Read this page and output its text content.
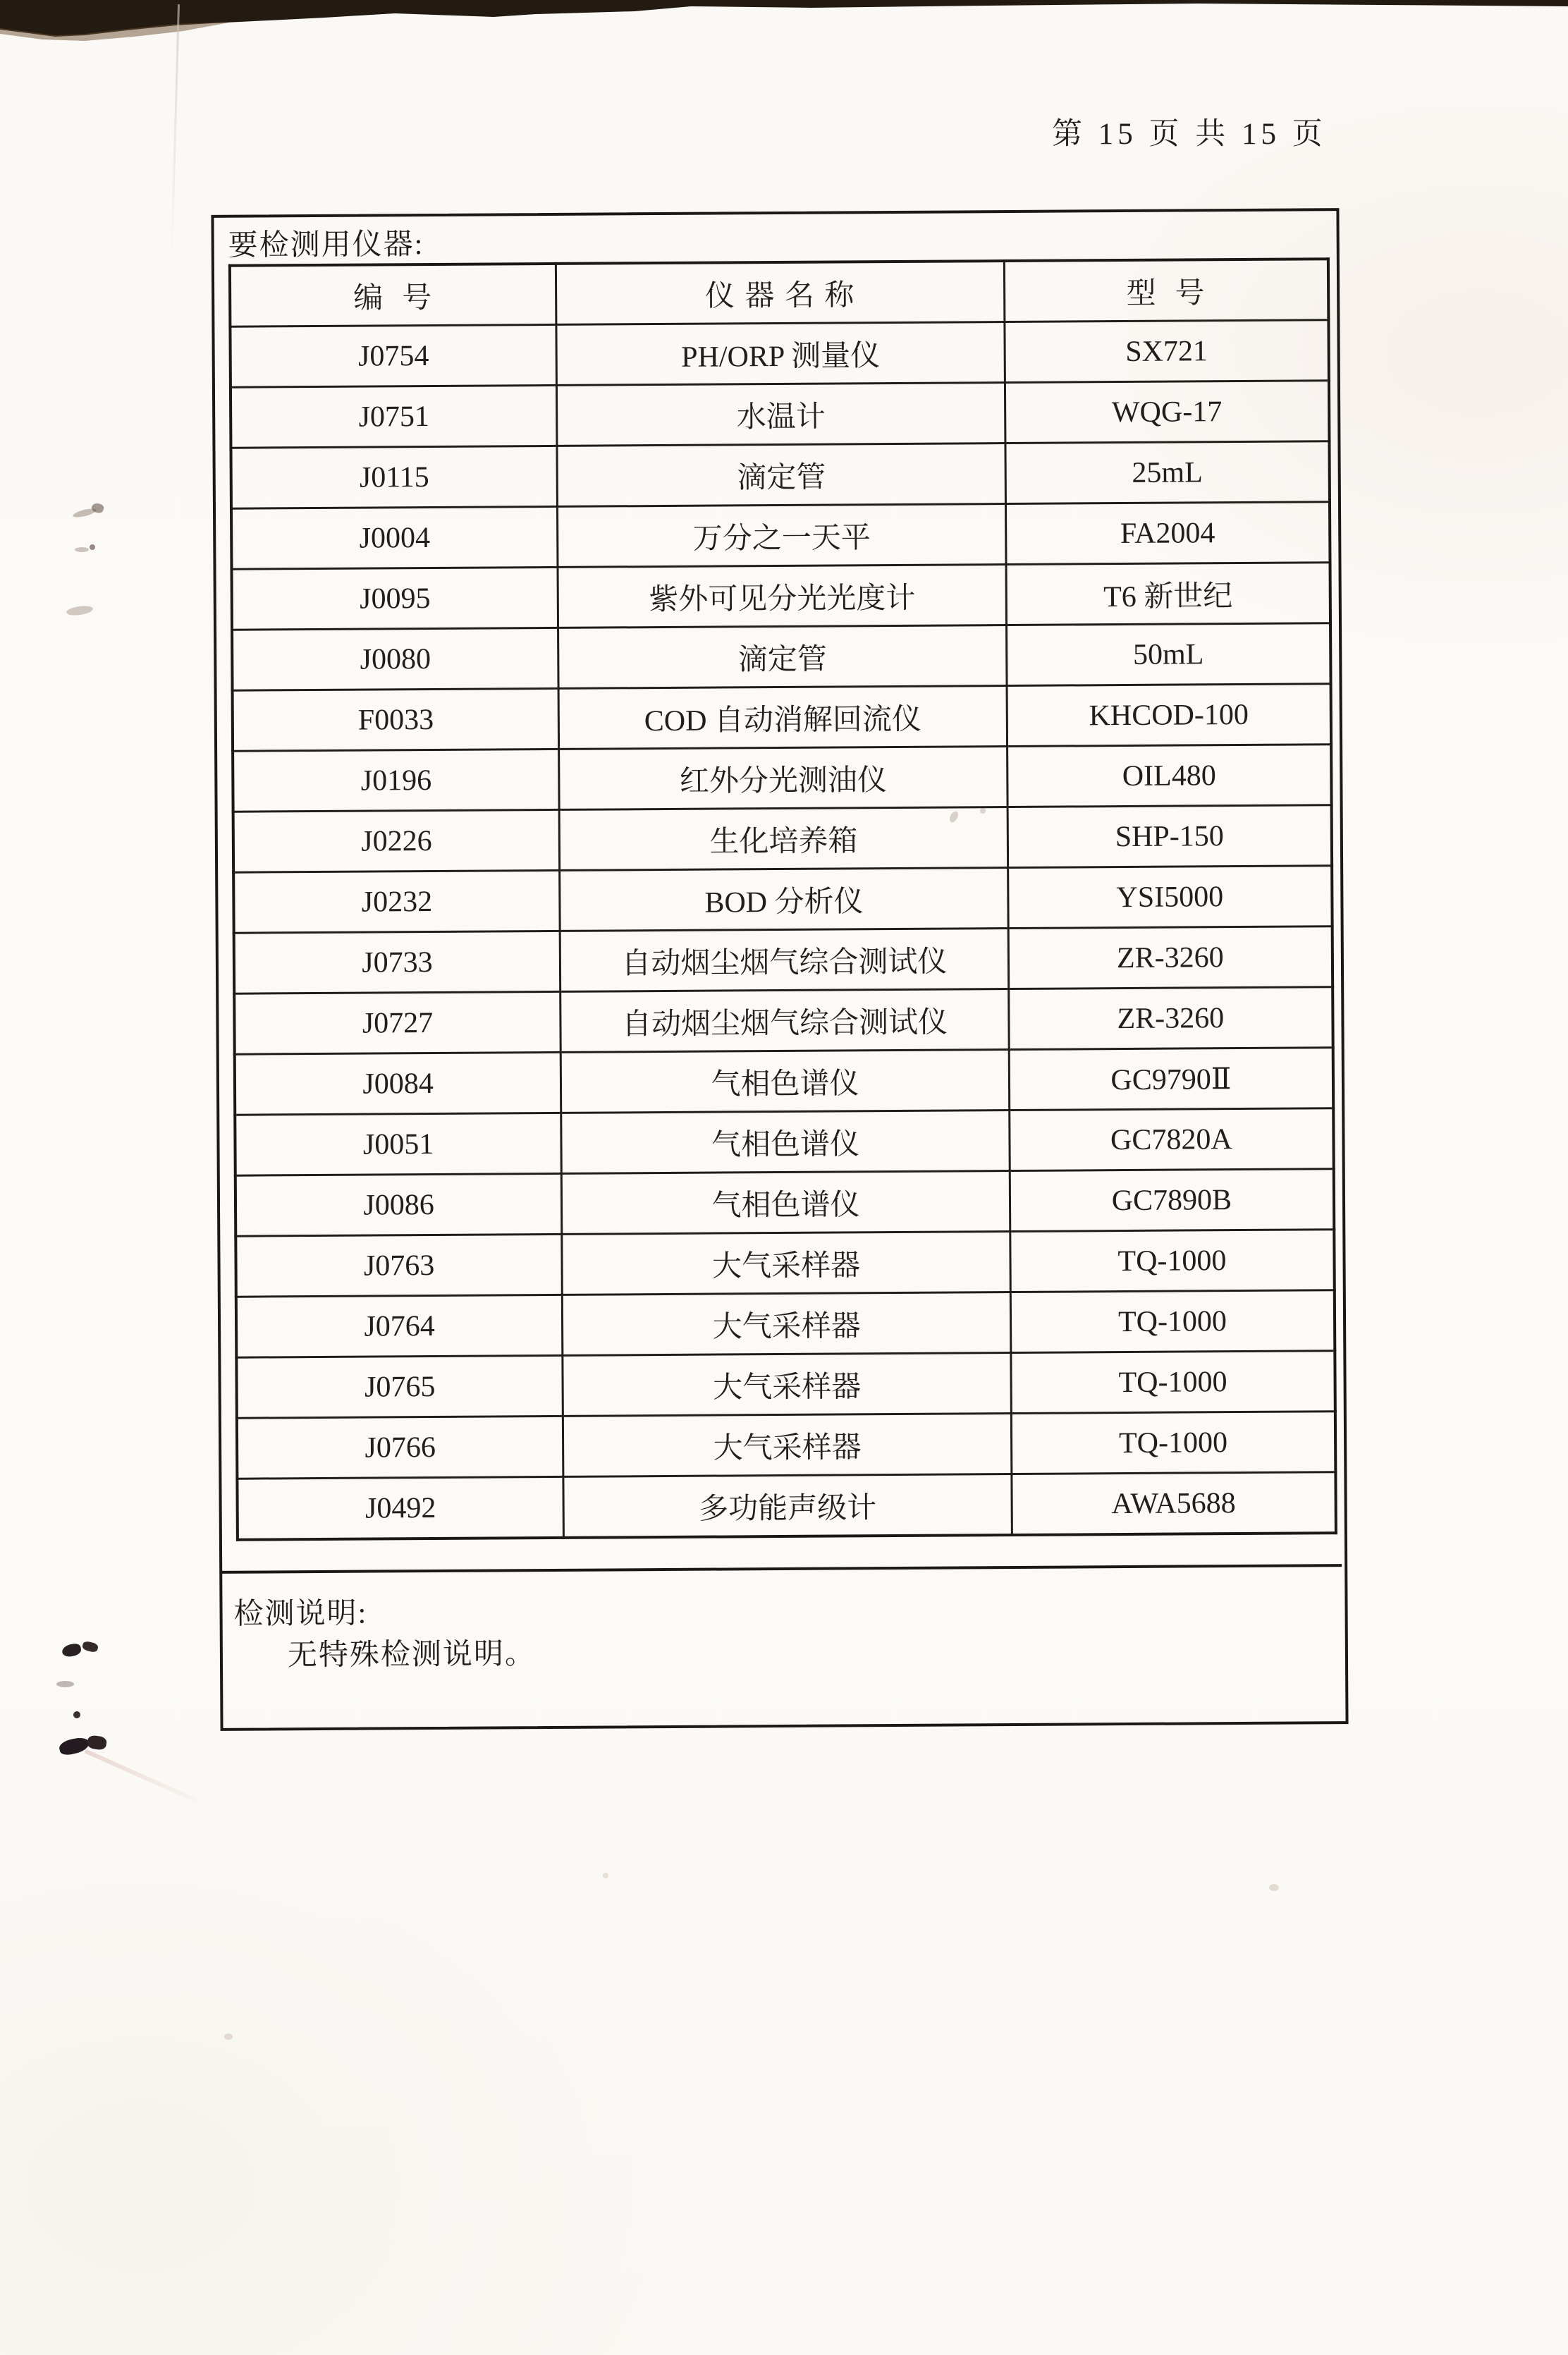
第 15 页 共 15 页
要检测用仪器:
编  号	仪 器 名 称	型  号
J0754	PH/ORP 测量仪	SX721
J0751	水温计	WQG-17
J0115	滴定管	25mL
J0004	万分之一天平	FA2004
J0095	紫外可见分光光度计	T6 新世纪
J0080	滴定管	50mL
F0033	COD 自动消解回流仪	KHCOD-100
J0196	红外分光测油仪	OIL480
J0226	生化培养箱	SHP-150
J0232	BOD 分析仪	YSI5000
J0733	自动烟尘烟气综合测试仪	ZR-3260
J0727	自动烟尘烟气综合测试仪	ZR-3260
J0084	气相色谱仪	GC9790Ⅱ
J0051	气相色谱仪	GC7820A
J0086	气相色谱仪	GC7890B
J0763	大气采样器	TQ-1000
J0764	大气采样器	TQ-1000
J0765	大气采样器	TQ-1000
J0766	大气采样器	TQ-1000
J0492	多功能声级计	AWA5688
检测说明:
无特殊检测说明。
